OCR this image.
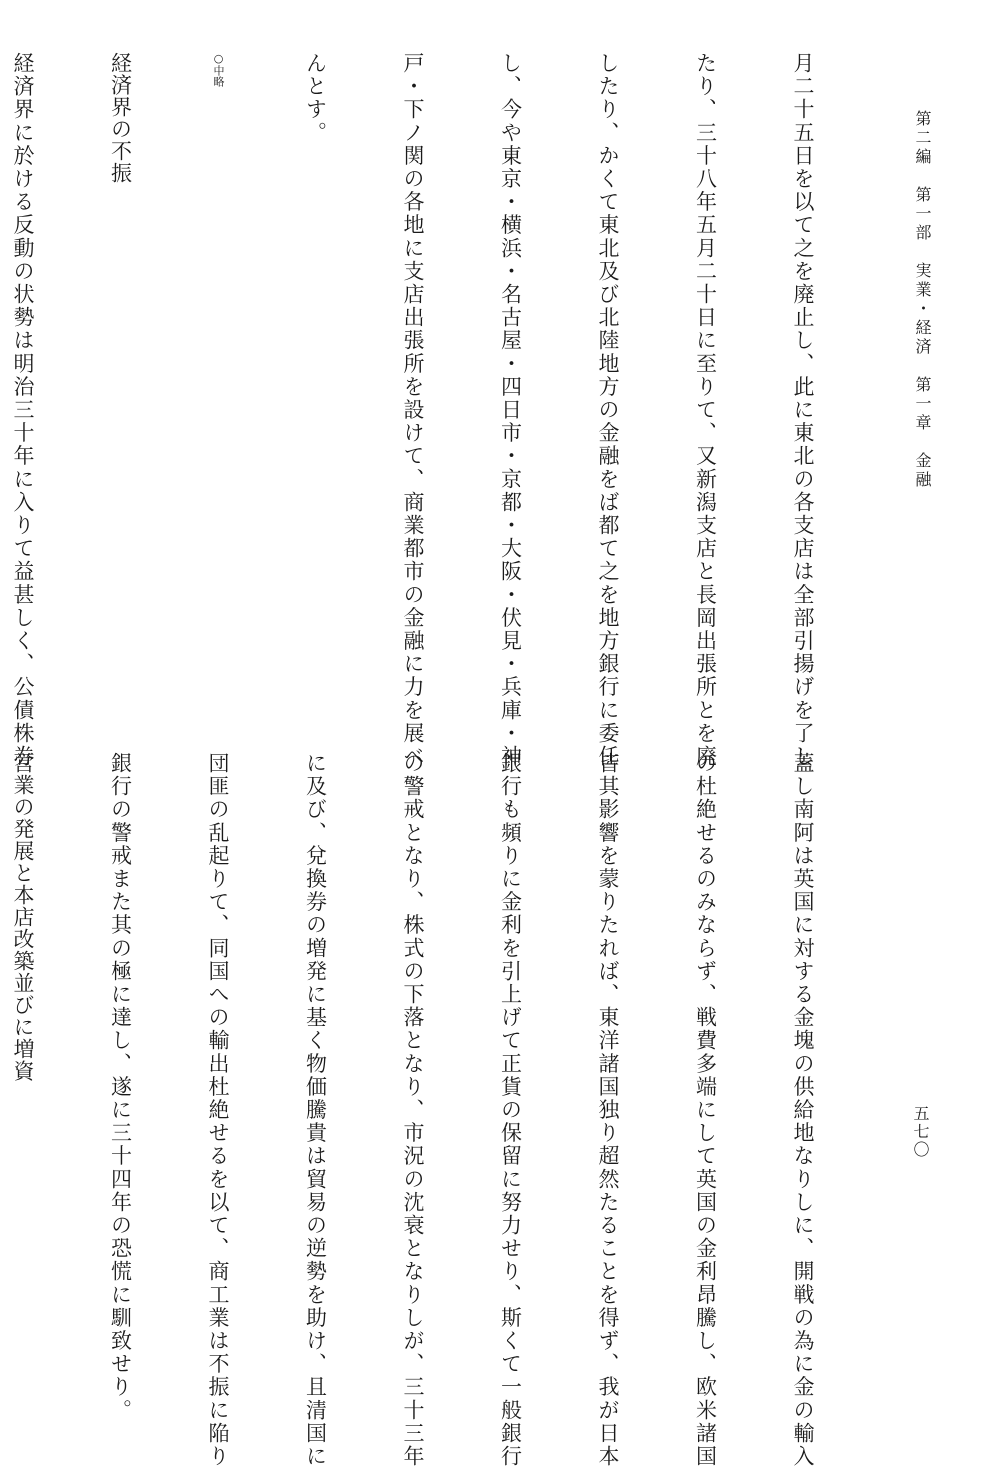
第二編　第一部　実業・経済　第一章　金融
五七〇

月二十五日を以て之を廃止し、此に東北の各支店は全部引揚げを了し

たり、三十八年五月二十日に至りて、又新潟支店と長岡出張所とを廃

したり、かくて東北及び北陸地方の金融をば都て之を地方銀行に委任

し、今や東京・横浜・名古屋・四日市・京都・大阪・伏見・兵庫・神

戸・下ノ関の各地に支店出張所を設けて、商業都市の金融に力を展べ

んとす。

○中略

経済界の不振

経済界に於ける反動の状勢は明治三十年に入りて益甚しく、公債株券

蓋し南阿は英国に対する金塊の供給地なりしに、開戦の為に金の輸入

の杜絶せるのみならず、戦費多端にして英国の金利昂騰し、欧米諸国

皆其影響を蒙りたれば、東洋諸国独り超然たることを得ず、我が日本

銀行も頻りに金利を引上げて正貨の保留に努力せり、斯くて一般銀行

の警戒となり、株式の下落となり、市況の沈衰となりしが、三十三年

に及び、兌換券の増発に基く物価騰貴は貿易の逆勢を助け、且清国に

団匪の乱起りて、同国への輸出杜絶せるを以て、商工業は不振に陥り

銀行の警戒また其の極に達し、遂に三十四年の恐慌に馴致せり。

営業の発展と本店改築並びに増資
